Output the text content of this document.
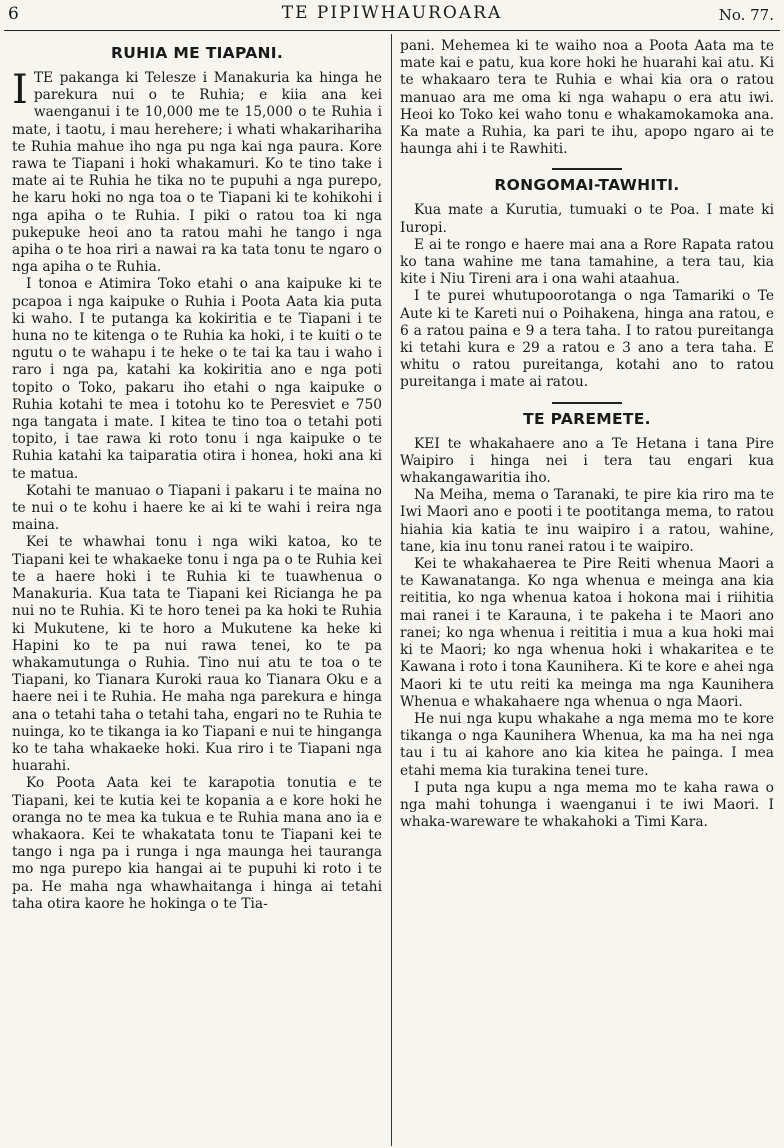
6	TE PIPIWHAUROARA	No. 77.
RUHIA ME TIAPANI.

ITE pakanga ki Telesze i Manakuria ka hinga he parekura nui o te Ruhia; e kiia ana kei waenganui i te 10,000 me te 15,000 o te Ruhia i mate, i taotu, i mau herehere; i whati whakarihariha te Ruhia mahue iho nga pu nga kai nga paura. Kore rawa te Tiapani i hoki whakamuri. Ko te tino take i mate ai te Ruhia he tika no te pupuhi a nga purepo, he karu hoki no nga toa o te Tiapani ki te kohikohi i nga apiha o te Ruhia. I piki o ratou toa ki nga pukepuke heoi ano ta ratou mahi he tango i nga apiha o te hoa riri a nawai ra ka tata tonu te ngaro o nga apiha o te Ruhia.

I tonoa e Atimira Toko etahi o ana kaipuke ki te pcapoa i nga kaipuke o Ruhia i Poota Aata kia puta ki waho. I te putanga ka kokiritia e te Tiapani i te huna no te kitenga o te Ruhia ka hoki, i te kuiti o te ngutu o te wahapu i te heke o te tai ka tau i waho i raro i nga pa, katahi ka kokiritia ano e nga poti topito o Toko, pakaru iho etahi o nga kaipuke o Ruhia kotahi te mea i totohu ko te Peresviet e 750 nga tangata i mate. I kitea te tino toa o tetahi poti topito, i tae rawa ki roto tonu i nga kaipuke o te Ruhia katahi ka taiparatia otira i honea, hoki ana ki te matua.

Kotahi te manuao o Tiapani i pakaru i te maina no te nui o te kohu i haere ke ai ki te wahi i reira nga maina.

Kei te whawhai tonu i nga wiki katoa, ko te Tiapani kei te whakaeke tonu i nga pa o te Ruhia kei te a haere hoki i te Ruhia ki te tuawhenua o Manakuria. Kua tata te Tiapani kei Riciangа he pa nui no te Ruhia. Ki te horo tenei pa ka hoki te Ruhia ki Mukutene, ki te horo a Mukutene ka heke ki Hapini ko te pa nui rawa tenei, ko te pa whakamutunga o Ruhia. Tino nui atu te toa o te Tiapani, ko Tianara Kuroki raua ko Tianara Oku e a haere nei i te Ruhia. He maha nga parekura e hinga ana o tetahi taha o tetahi taha, engari no te Ruhia te nuinga, ko te tikanga ia ko Tiapani e nui te hinganga ko te taha whakaeke hoki. Kua riro i te Tiapani nga huarahi.

Ko Poota Aata kei te karapotia tonutia e te Tiapani, kei te kutia kei te kopania a e kore hoki he oranga no te mea ka tukua e te Ruhia mana ano ia e whakaora. Kei te whakatata tonu te Tiapani kei te tango i nga pa i runga i nga maunga hei tauranga mo nga purepo kia hangai ai te pupuhi ki roto i te pa. He maha nga whawhaitanga i hinga ai tetahi taha otira kaore he hokinga o te Tia-

pani. Mehemea ki te waiho noa a Poota Aata ma te mate kai e patu, kua kore hoki he huarahi kai atu. Ki te whakaaro tera te Ruhia e whai kia ora o ratou manuao ara me oma ki nga wahapu o era atu iwi. Heoi ko Toko kei waho tonu e whakamokamoka ana. Ka mate a Ruhia, ka pari te ihu, apopo ngaro ai te haunga ahi i te Rawhiti.

RONGOMAI-TAWHITI.

Kua mate a Kurutia, tumuaki o te Poa. I mate ki Iuropi.

E ai te rongo e haere mai ana a Rore Rapata ratou ko tana wahine me tana tamahine, a tera tau, kia kite i Niu Tireni ara i ona wahi ataahua.

I te purei whutupoorotanga o nga Tamariki o Te Aute ki te Kareti nui o Poihakena, hinga ana ratou, e 6 a ratou paina e 9 a tera taha. I to ratou pureitanga ki tetahi kura e 29 a ratou e 3 ano a tera taha. E whitu o ratou pureitanga, kotahi ano to ratou pureitanga i mate ai ratou.

TE PAREMETE.

KEI te whakahaere ano a Te Hetana i tana Pire Waipiro i hinga nei i tera tau engari kua whakangawaritia iho.

Na Meiha, mema o Taranaki, te pire kia riro ma te Iwi Maori ano e pooti i te pootitanga mema, to ratou hiahia kia katia te inu waipiro i a ratou, wahine, tane, kia inu tonu ranei ratou i te waipiro.

Kei te whakahaerea te Pire Reiti whenua Maori a te Kawanatanga. Ko nga whenua e meinga ana kia reititia, ko nga whenua katoa i hokona mai i riihitia mai ranei i te Karauna, i te pakeha i te Maori ano ranei; ko nga whenua i reititia i mua a kua hoki mai ki te Maori; ko nga whenua hoki i whakaritea e te Kawana i roto i tona Kaunihera. Ki te kore e ahei nga Maori ki te utu reiti ka meinga ma nga Kaunihera Whenua e whakahaere nga whenua o nga Maori.

He nui nga kupu whakahe a nga mema mo te kore tikanga o nga Kaunihera Whenua, ka ma ha nei nga tau i tu ai kahore ano kia kitea he painga. I mea etahi mema kia turakina tenei ture.

I puta nga kupu a nga mema mo te kaha rawa o nga mahi tohunga i waenganui i te iwi Maori. I whaka-wareware te whakahoki a Timi Kara.
